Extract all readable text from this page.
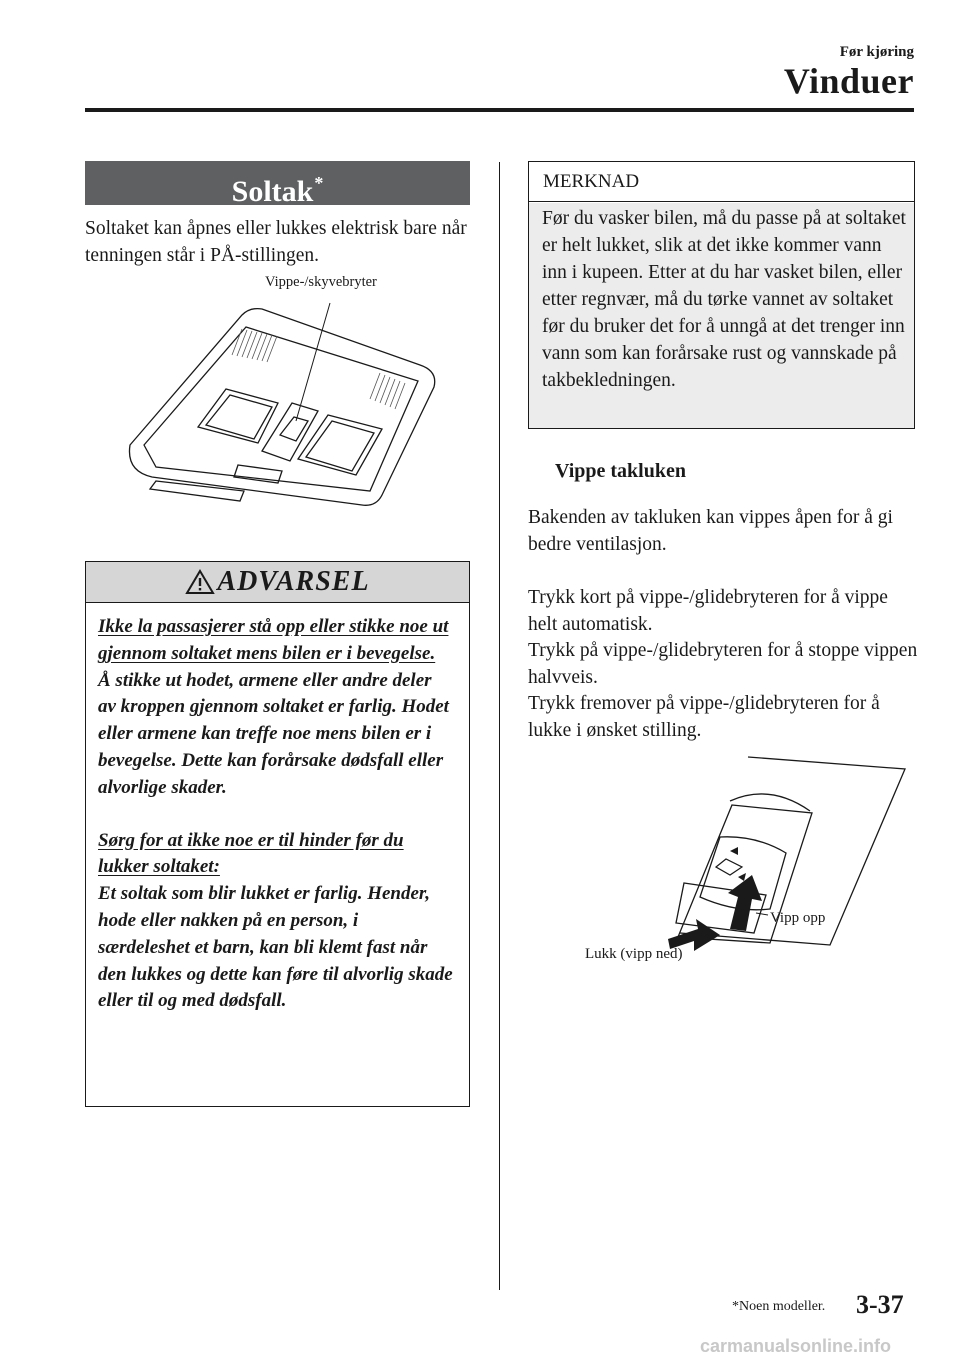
Før kjøring
Vinduer
Soltak*
Soltaket kan åpnes eller lukkes elektrisk bare når tenningen står i PÅ-stillingen.
Vippe-/skyvebryter
ADVARSEL

Ikke la passasjerer stå opp eller stikke noe ut gjennom soltaket mens bilen er i bevegelse.

Å stikke ut hodet, armene eller andre deler av kroppen gjennom soltaket er farlig. Hodet eller armene kan treffe noe mens bilen er i bevegelse. Dette kan forårsake dødsfall eller alvorlige skader.

Sørg for at ikke noe er til hinder før du lukker soltaket:

Et soltak som blir lukket er farlig. Hender, hode eller nakken på en person, i særdeleshet et barn, kan bli klemt fast når den lukkes og dette kan føre til alvorlig skade eller til og med dødsfall.

MERKNAD
Før du vasker bilen, må du passe på at soltaket er helt lukket, slik at det ikke kommer vann inn i kupeen. Etter at du har vasket bilen, eller etter regnvær, må du tørke vannet av soltaket før du bruker det for å unngå at det trenger inn vann som kan forårsake rust og vannskade på takbekledningen.
Vippe takluken
Bakenden av takluken kan vippes åpen for å gi bedre ventilasjon.

Trykk kort på vippe-/glidebryteren for å vippe helt automatisk.

Trykk på vippe-/glidebryteren for å stoppe vippen halvveis.

Trykk fremover på vippe-/glidebryteren for å lukke i ønsket stilling.

Vipp opp
Lukk (vipp ned)
*Noen modeller. 3-37
carmanualsonline.info
